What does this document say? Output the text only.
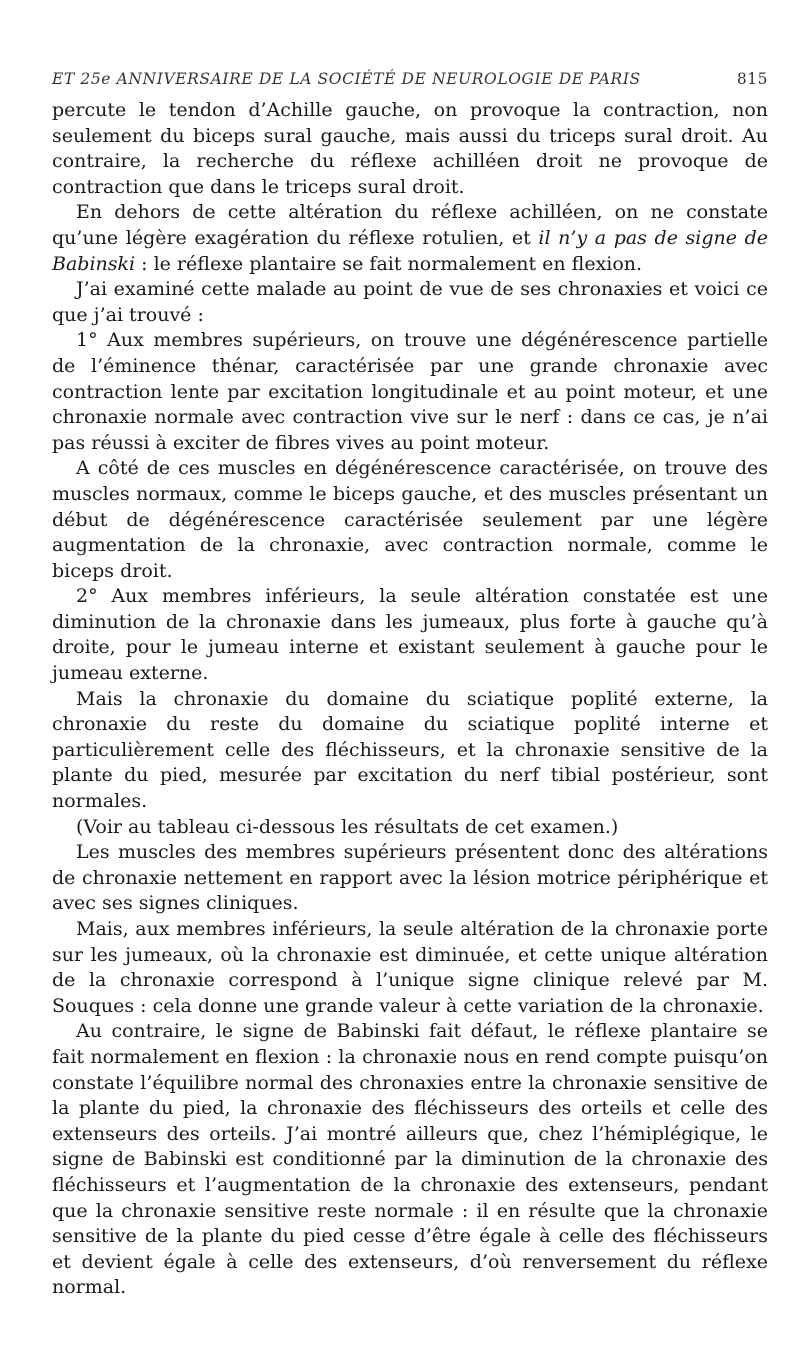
ET 25e ANNIVERSAIRE DE LA SOCIÉTÉ DE NEUROLOGIE DE PARIS	815

percute le tendon d’Achille gauche, on provoque la contraction, non seulement du biceps sural gauche, mais aussi du triceps sural droit. Au contraire, la recherche du réflexe achilléen droit ne provoque de contraction que dans le triceps sural droit.

En dehors de cette altération du réflexe achilléen, on ne constate qu’une légère exagération du réflexe rotulien, et il n’y a pas de signe de Babinski : le réflexe plantaire se fait normalement en flexion.

J’ai examiné cette malade au point de vue de ses chronaxies et voici ce que j’ai trouvé :

1° Aux membres supérieurs, on trouve une dégénérescence partielle de l’éminence thénar, caractérisée par une grande chronaxie avec contraction lente par excitation longitudinale et au point moteur, et une chronaxie normale avec contraction vive sur le nerf : dans ce cas, je n’ai pas réussi à exciter de fibres vives au point moteur.

A côté de ces muscles en dégénérescence caractérisée, on trouve des muscles normaux, comme le biceps gauche, et des muscles présentant un début de dégénérescence caractérisée seulement par une légère augmentation de la chronaxie, avec contraction normale, comme le biceps droit.

2° Aux membres inférieurs, la seule altération constatée est une diminution de la chronaxie dans les jumeaux, plus forte à gauche qu’à droite, pour le jumeau interne et existant seulement à gauche pour le jumeau externe.

Mais la chronaxie du domaine du sciatique poplité externe, la chronaxie du reste du domaine du sciatique poplité interne et particulièrement celle des fléchisseurs, et la chronaxie sensitive de la plante du pied, mesurée par excitation du nerf tibial postérieur, sont normales.

(Voir au tableau ci-dessous les résultats de cet examen.)

Les muscles des membres supérieurs présentent donc des altérations de chronaxie nettement en rapport avec la lésion motrice périphérique et avec ses signes cliniques.

Mais, aux membres inférieurs, la seule altération de la chronaxie porte sur les jumeaux, où la chronaxie est diminuée, et cette unique altération de la chronaxie correspond à l’unique signe clinique relevé par M. Souques : cela donne une grande valeur à cette variation de la chronaxie.

Au contraire, le signe de Babinski fait défaut, le réflexe plantaire se fait normalement en flexion : la chronaxie nous en rend compte puisqu’on constate l’équilibre normal des chronaxies entre la chronaxie sensitive de la plante du pied, la chronaxie des fléchisseurs des orteils et celle des extenseurs des orteils. J’ai montré ailleurs que, chez l’hémiplégique, le signe de Babinski est conditionné par la diminution de la chronaxie des fléchisseurs et l’augmentation de la chronaxie des extenseurs, pendant que la chronaxie sensitive reste normale : il en résulte que la chronaxie sensitive de la plante du pied cesse d’être égale à celle des fléchisseurs et devient égale à celle des extenseurs, d’où renversement du réflexe normal.
